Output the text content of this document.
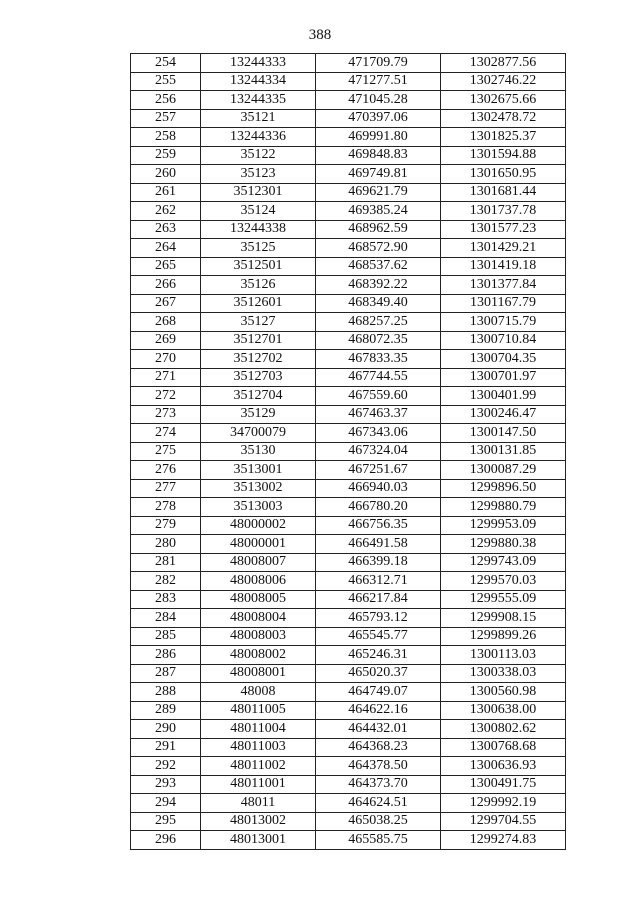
388
254	13244333	471709.79	1302877.56
255	13244334	471277.51	1302746.22
256	13244335	471045.28	1302675.66
257	35121	470397.06	1302478.72
258	13244336	469991.80	1301825.37
259	35122	469848.83	1301594.88
260	35123	469749.81	1301650.95
261	3512301	469621.79	1301681.44
262	35124	469385.24	1301737.78
263	13244338	468962.59	1301577.23
264	35125	468572.90	1301429.21
265	3512501	468537.62	1301419.18
266	35126	468392.22	1301377.84
267	3512601	468349.40	1301167.79
268	35127	468257.25	1300715.79
269	3512701	468072.35	1300710.84
270	3512702	467833.35	1300704.35
271	3512703	467744.55	1300701.97
272	3512704	467559.60	1300401.99
273	35129	467463.37	1300246.47
274	34700079	467343.06	1300147.50
275	35130	467324.04	1300131.85
276	3513001	467251.67	1300087.29
277	3513002	466940.03	1299896.50
278	3513003	466780.20	1299880.79
279	48000002	466756.35	1299953.09
280	48000001	466491.58	1299880.38
281	48008007	466399.18	1299743.09
282	48008006	466312.71	1299570.03
283	48008005	466217.84	1299555.09
284	48008004	465793.12	1299908.15
285	48008003	465545.77	1299899.26
286	48008002	465246.31	1300113.03
287	48008001	465020.37	1300338.03
288	48008	464749.07	1300560.98
289	48011005	464622.16	1300638.00
290	48011004	464432.01	1300802.62
291	48011003	464368.23	1300768.68
292	48011002	464378.50	1300636.93
293	48011001	464373.70	1300491.75
294	48011	464624.51	1299992.19
295	48013002	465038.25	1299704.55
296	48013001	465585.75	1299274.83
